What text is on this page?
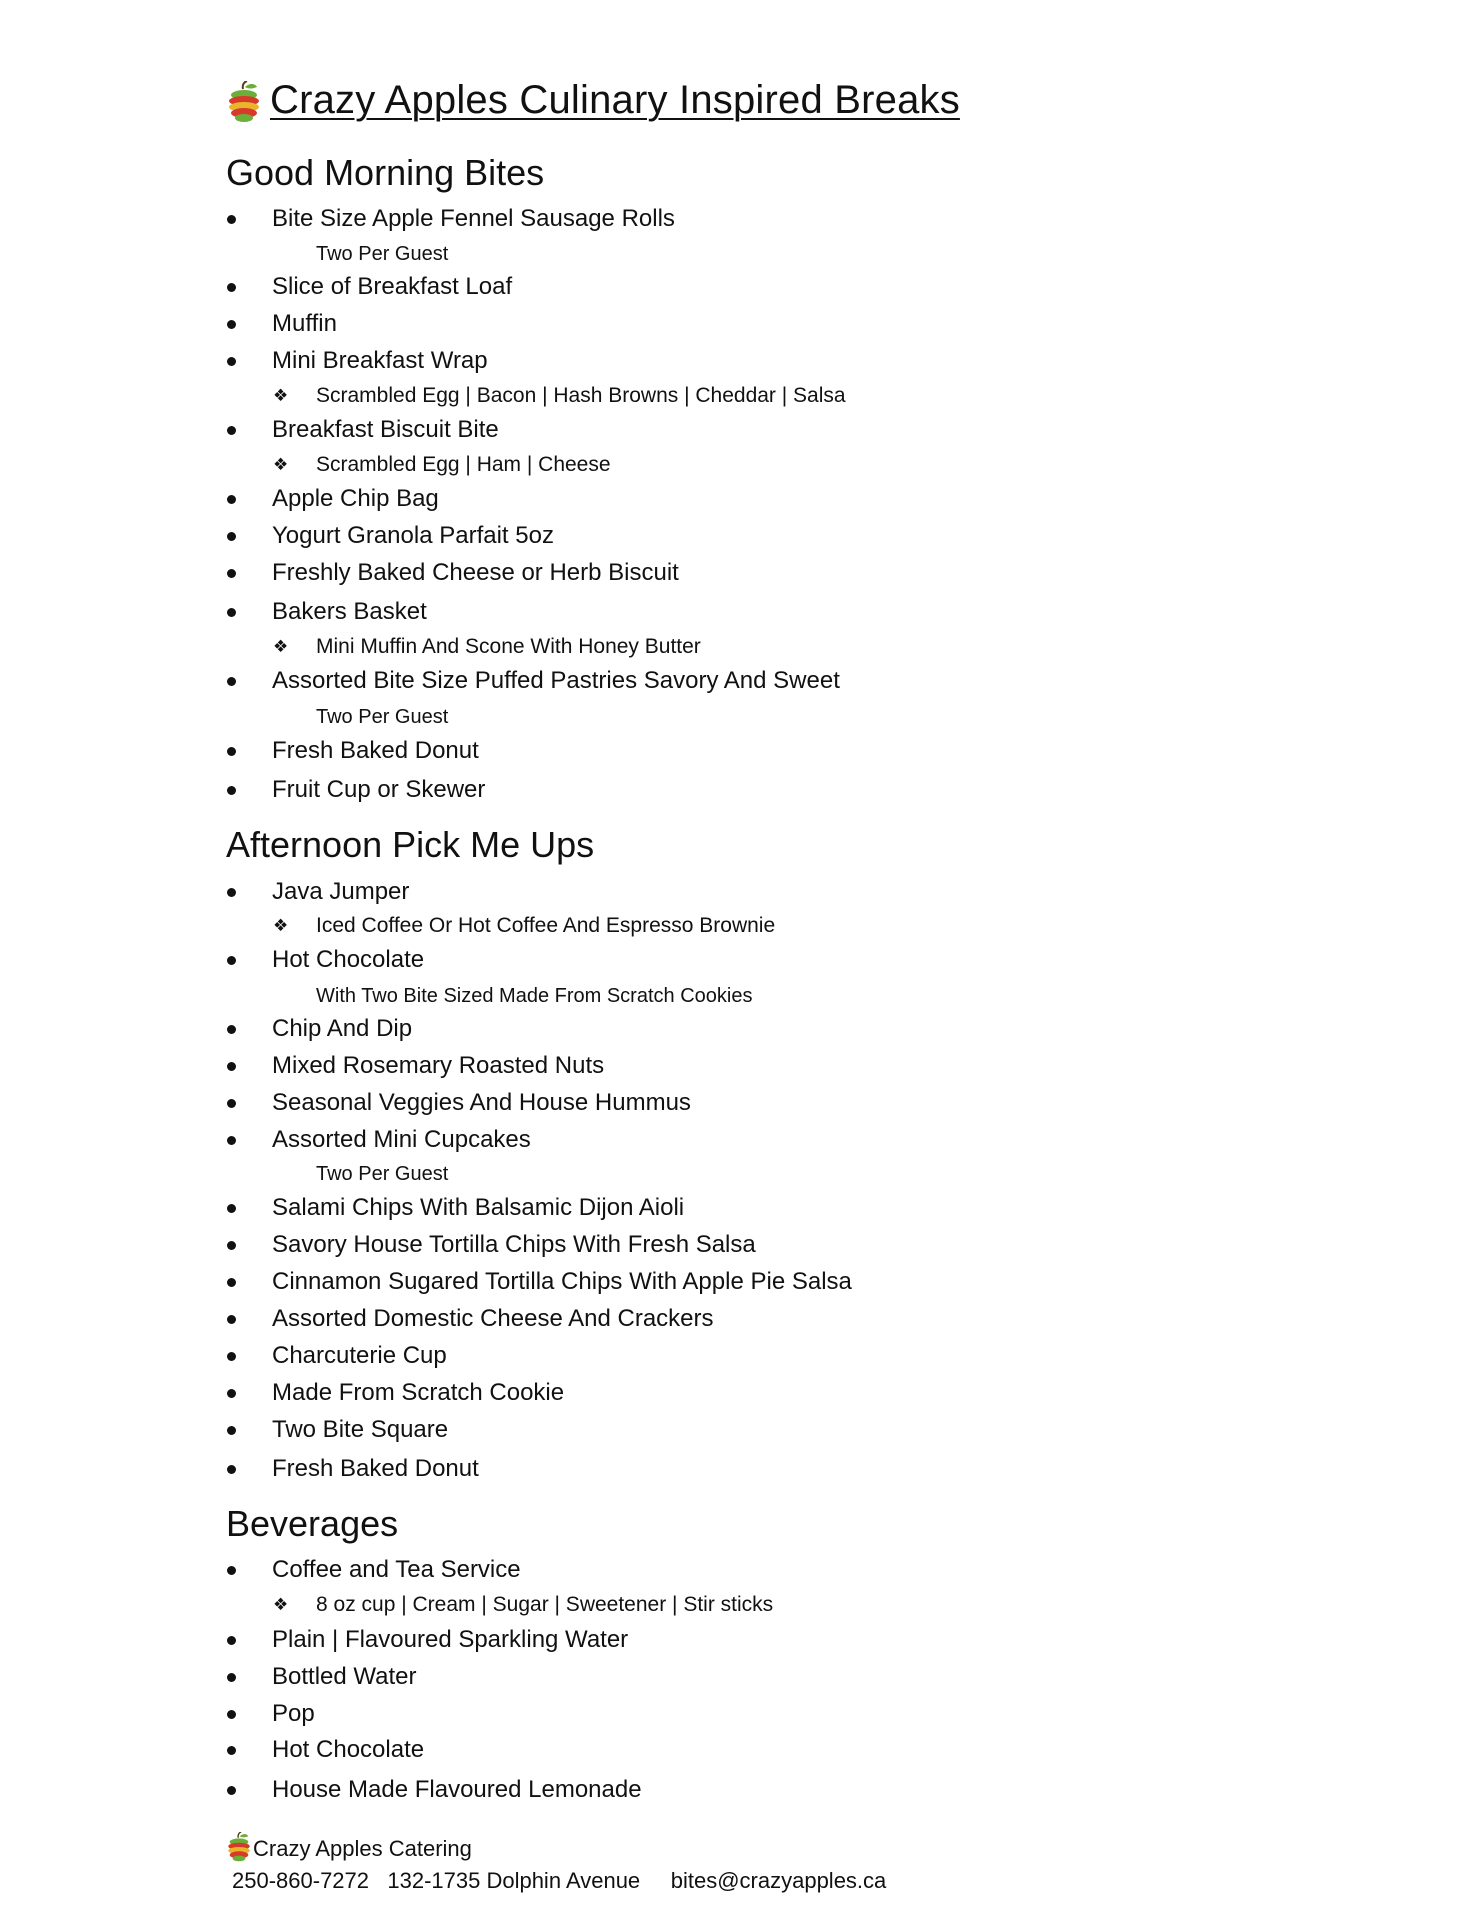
Crazy Apples Culinary Inspired Breaks
Good Morning Bites
Bite Size Apple Fennel Sausage Rolls
Two Per Guest
Slice of Breakfast Loaf
Muffin
Mini Breakfast Wrap
❖ Scrambled Egg | Bacon | Hash Browns | Cheddar | Salsa
Breakfast Biscuit Bite
❖ Scrambled Egg | Ham | Cheese
Apple Chip Bag
Yogurt Granola Parfait 5oz
Freshly Baked Cheese or Herb Biscuit
Bakers Basket
❖ Mini Muffin And Scone With Honey Butter
Assorted Bite Size Puffed Pastries Savory And Sweet
Two Per Guest
Fresh Baked Donut
Fruit Cup or Skewer
Afternoon Pick Me Ups
Java Jumper
❖ Iced Coffee Or Hot Coffee And Espresso Brownie
Hot Chocolate
With Two Bite Sized Made From Scratch Cookies
Chip And Dip
Mixed Rosemary Roasted Nuts
Seasonal Veggies And House Hummus
Assorted Mini Cupcakes
Two Per Guest
Salami Chips With Balsamic Dijon Aioli
Savory House Tortilla Chips With Fresh Salsa
Cinnamon Sugared Tortilla Chips With Apple Pie Salsa
Assorted Domestic Cheese And Crackers
Charcuterie Cup
Made From Scratch Cookie
Two Bite Square
Fresh Baked Donut
Beverages
Coffee and Tea Service
❖ 8 oz cup | Cream | Sugar | Sweetener | Stir sticks
Plain | Flavoured Sparkling Water
Bottled Water
Pop
Hot Chocolate
House Made Flavoured Lemonade
Crazy Apples Catering
250-860-7272 132-1735 Dolphin Avenue bites@crazyapples.ca
